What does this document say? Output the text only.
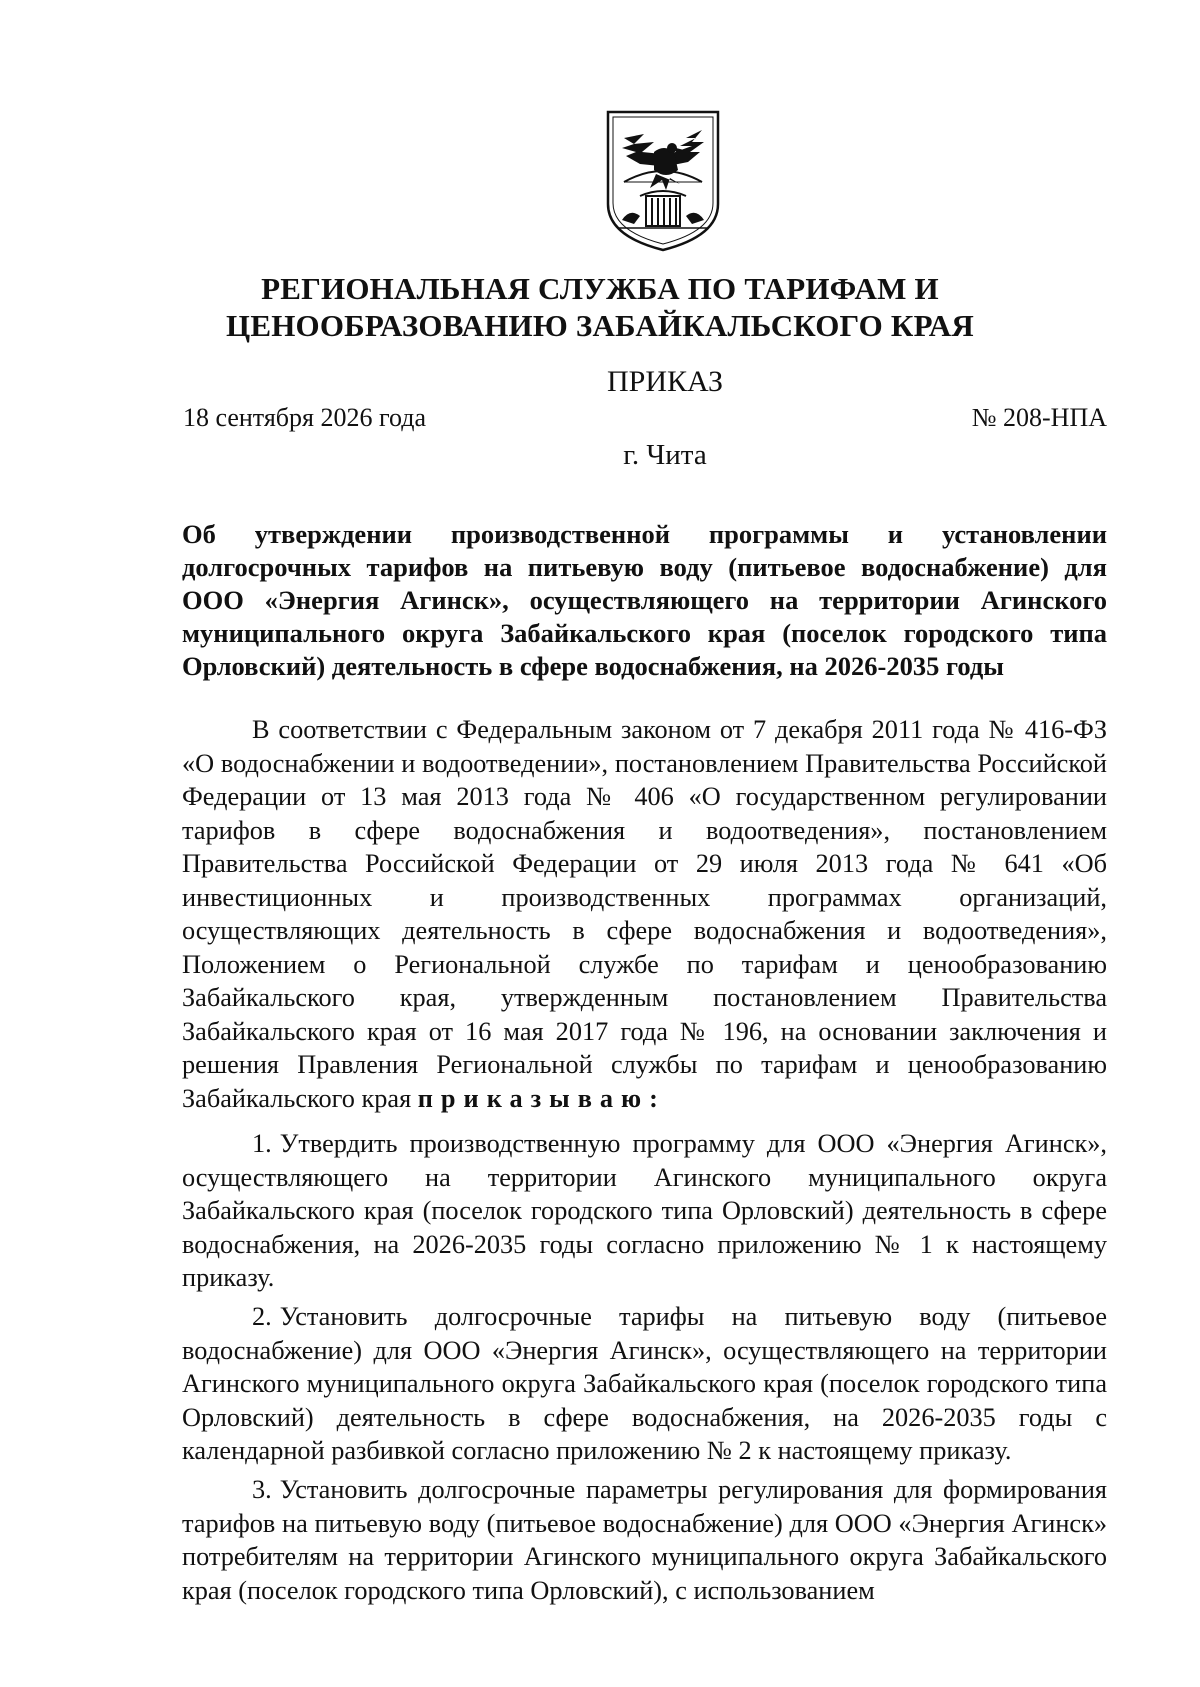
РЕГИОНАЛЬНАЯ СЛУЖБА ПО ТАРИФАМ И
ЦЕНООБРАЗОВАНИЮ ЗАБАЙКАЛЬСКОГО КРАЯ
ПРИКАЗ
18 сентября 2026 года	№ 208-НПА
г. Чита
Об утверждении производственной программы и установлении долгосрочных тарифов на питьевую воду (питьевое водоснабжение) для ООО «Энергия Агинск», осуществляющего на территории Агинского муниципального округа Забайкальского края (поселок городского типа Орловский) деятельность в сфере водоснабжения, на 2026-2035 годы
В соответствии с Федеральным законом от 7 декабря 2011 года № 416-ФЗ «О водоснабжении и водоотведении», постановлением Правительства Российской Федерации от 13 мая 2013 года № 406 «О государственном регулировании тарифов в сфере водоснабжения и водоотведения», постановлением Правительства Российской Федерации от 29 июля 2013 года № 641 «Об инвестиционных и производственных программах организаций, осуществляющих деятельность в сфере водоснабжения и водоотведения», Положением о Региональной службе по тарифам и ценообразованию Забайкальского края, утвержденным постановлением Правительства Забайкальского края от 16 мая 2017 года № 196, на основании заключения и решения Правления Региональной службы по тарифам и ценообразованию Забайкальского края приказываю:
1. Утвердить производственную программу для ООО «Энергия Агинск», осуществляющего на территории Агинского муниципального округа Забайкальского края (поселок городского типа Орловский) деятельность в сфере водоснабжения, на 2026-2035 годы согласно приложению № 1 к настоящему приказу.
2. Установить долгосрочные тарифы на питьевую воду (питьевое водоснабжение) для ООО «Энергия Агинск», осуществляющего на территории Агинского муниципального округа Забайкальского края (поселок городского типа Орловский) деятельность в сфере водоснабжения, на 2026-2035 годы с календарной разбивкой согласно приложению № 2 к настоящему приказу.
3. Установить долгосрочные параметры регулирования для формирования тарифов на питьевую воду (питьевое водоснабжение) для ООО «Энергия Агинск» потребителям на территории Агинского муниципального округа Забайкальского края (поселок городского типа Орловский), с использованием
